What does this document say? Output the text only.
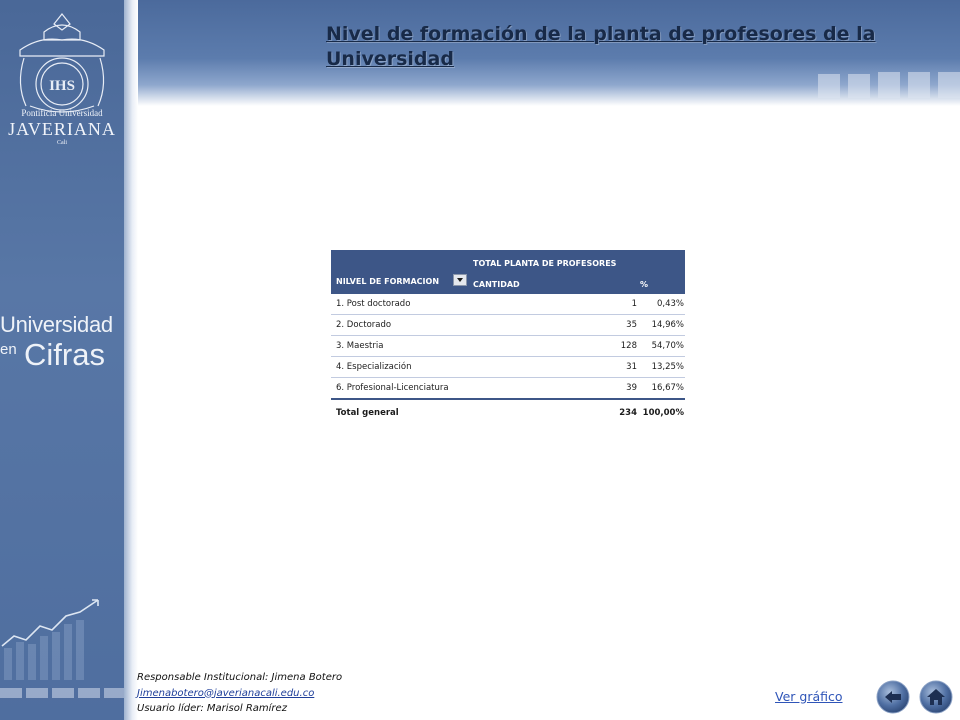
IHS
Pontificia Universidad
JAVERIANA
Cali
Universidad
en Cifras
Nivel de formación de la planta de profesores de la Universidad
TOTAL PLANTA DE PROFESORES
NILVEL DE FORMACION	CANTIDAD	%
1. Post doctorado	1 0,43%
2. Doctorado	35 14,96%
3. Maestria	128 54,70%
4. Especialización	31 13,25%
6. Profesional-Licenciatura	39 16,67%
Total general	234 100,00%
Responsable Institucional: Jimena Botero
Jimenabotero@javerianacali.edu.co
Usuario líder: Marisol Ramírez
Ver gráfico
